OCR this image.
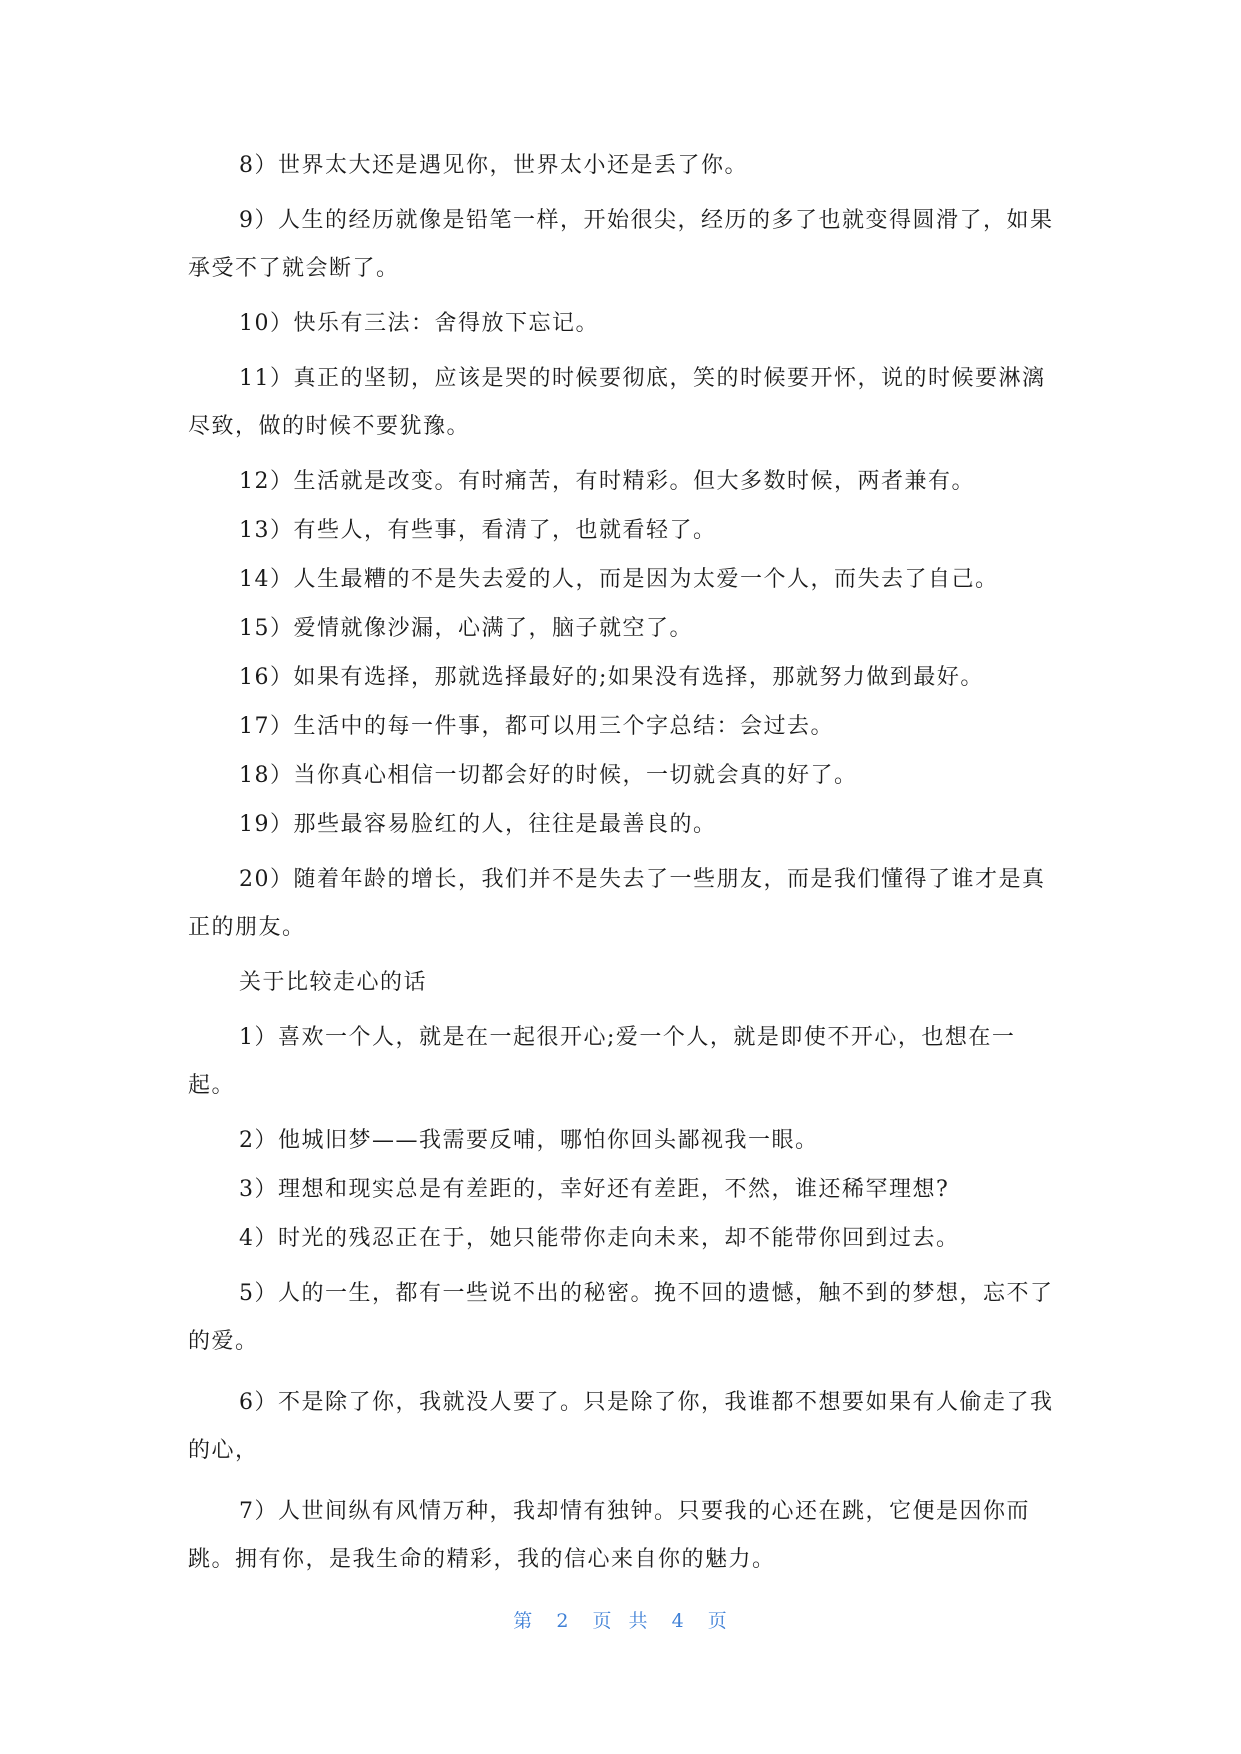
8）世界太大还是遇见你，世界太小还是丢了你。

9）人生的经历就像是铅笔一样，开始很尖，经历的多了也就变得圆滑了，如果承受不了就会断了。

10）快乐有三法：舍得放下忘记。

11）真正的坚韧，应该是哭的时候要彻底，笑的时候要开怀，说的时候要淋漓尽致，做的时候不要犹豫。

12）生活就是改变。有时痛苦，有时精彩。但大多数时候，两者兼有。

13）有些人，有些事，看清了，也就看轻了。

14）人生最糟的不是失去爱的人，而是因为太爱一个人，而失去了自己。

15）爱情就像沙漏，心满了，脑子就空了。

16）如果有选择，那就选择最好的;如果没有选择，那就努力做到最好。

17）生活中的每一件事，都可以用三个字总结：会过去。

18）当你真心相信一切都会好的时候，一切就会真的好了。

19）那些最容易脸红的人，往往是最善良的。

20）随着年龄的增长，我们并不是失去了一些朋友，而是我们懂得了谁才是真正的朋友。

关于比较走心的话

1）喜欢一个人，就是在一起很开心;爱一个人，就是即使不开心，也想在一起。

2）他城旧梦——我需要反哺，哪怕你回头鄙视我一眼。

3）理想和现实总是有差距的，幸好还有差距，不然，谁还稀罕理想?

4）时光的残忍正在于，她只能带你走向未来，却不能带你回到过去。

5）人的一生，都有一些说不出的秘密。挽不回的遗憾，触不到的梦想，忘不了的爱。

6）不是除了你，我就没人要了。只是除了你，我谁都不想要如果有人偷走了我的心，

7）人世间纵有风情万种，我却情有独钟。只要我的心还在跳，它便是因你而跳。拥有你，是我生命的精彩，我的信心来自你的魅力。

第 2 页 共 4 页
